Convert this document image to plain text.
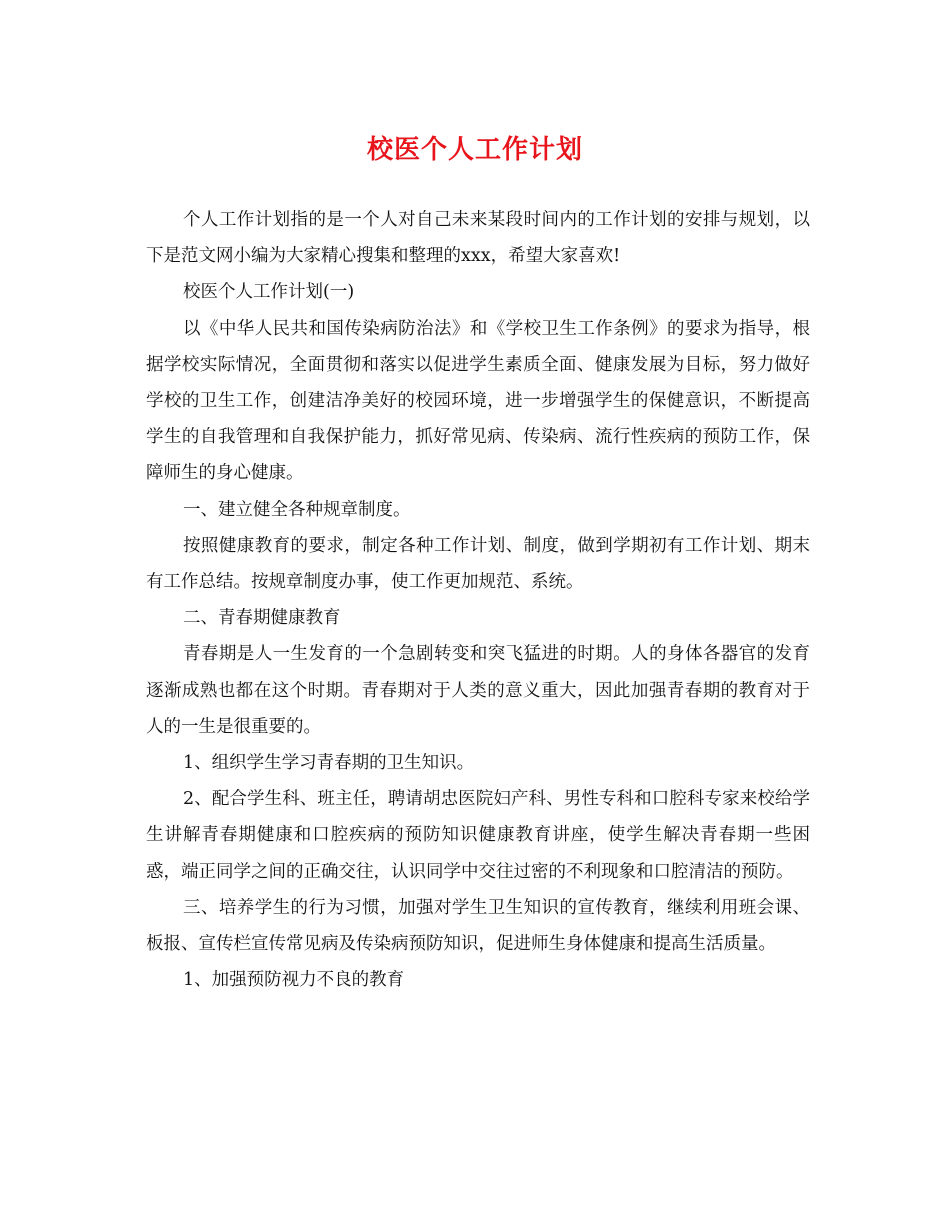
校医个人工作计划

个人工作计划指的是一个人对自己未来某段时间内的工作计划的安排与规划，以下是范文网小编为大家精心搜集和整理的xxx，希望大家喜欢!

校医个人工作计划(一)

以《中华人民共和国传染病防治法》和《学校卫生工作条例》的要求为指导，根据学校实际情况，全面贯彻和落实以促进学生素质全面、健康发展为目标，努力做好学校的卫生工作，创建洁净美好的校园环境，进一步增强学生的保健意识，不断提高学生的自我管理和自我保护能力，抓好常见病、传染病、流行性疾病的预防工作，保障师生的身心健康。

一、建立健全各种规章制度。

按照健康教育的要求，制定各种工作计划、制度，做到学期初有工作计划、期末有工作总结。按规章制度办事，使工作更加规范、系统。

二、青春期健康教育

青春期是人一生发育的一个急剧转变和突飞猛进的时期。人的身体各器官的发育逐渐成熟也都在这个时期。青春期对于人类的意义重大，因此加强青春期的教育对于人的一生是很重要的。

1、组织学生学习青春期的卫生知识。

2、配合学生科、班主任，聘请胡忠医院妇产科、男性专科和口腔科专家来校给学生讲解青春期健康和口腔疾病的预防知识健康教育讲座，使学生解决青春期一些困惑，端正同学之间的正确交往，认识同学中交往过密的不利现象和口腔清洁的预防。

三、培养学生的行为习惯，加强对学生卫生知识的宣传教育，继续利用班会课、板报、宣传栏宣传常见病及传染病预防知识，促进师生身体健康和提高生活质量。

1、加强预防视力不良的教育
